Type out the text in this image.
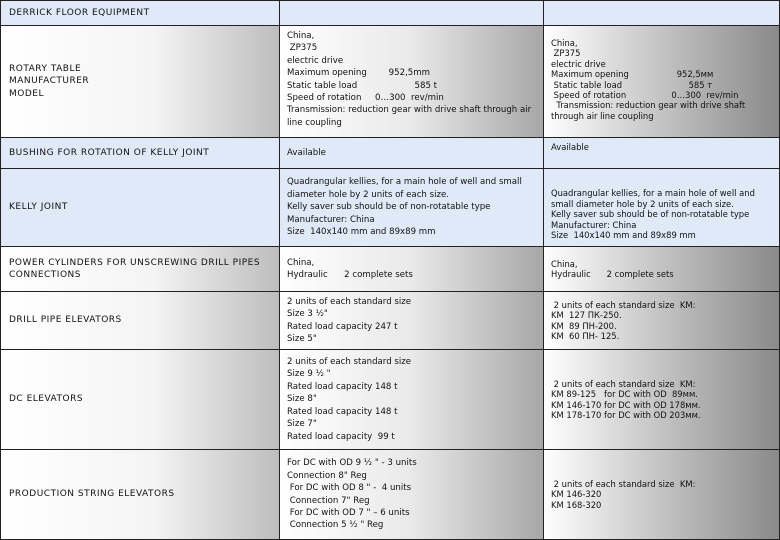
DERRICK FLOOR EQUIPMENT
ROTARY TABLE
MANUFACTURER
MODEL
China,
ZP375
electric drive
Maximum opening        952,5mm
Static table load                     585 t
Speed of rotation     0…300  rev/min
Transmission: reduction gear with drive shaft through air
line coupling
China,
ZP375
electric drive
Maximum opening                  952,5мм
Static table load                         585 т
Speed of rotation                 0…300  rev/min
Transmission: reduction gear with drive shaft
through air line coupling
BUSHING FOR ROTATION OF KELLY JOINT	Available
Available
KELLY JOINT
Quadrangular kellies, for a main hole of well and small
diameter hole by 2 units of each size.
Kelly saver sub should be of non-rotatable type
Manufacturer: China
Size  140x140 mm and 89x89 mm
Quadrangular kellies, for a main hole of well and
small diameter hole by 2 units of each size.
Kelly saver sub should be of non-rotatable type
Manufacturer: China
Size  140x140 mm and 89x89 mm
POWER CYLINDERS FOR UNSCREWING DRILL PIPES
CONNECTIONS
China,
Hydraulic      2 complete sets
China,
Hydraulic      2 complete sets
DRILL PIPE ELEVATORS
2 units of each standard size
Size 3 ½"
Rated load capacity 247 t
Size 5"
2 units of each standard size  KM:
KM  127 ПК-250.
KM  89 ПН-200.
KM  60 ПН- 125.
DC ELEVATORS
2 units of each standard size
Size 9 ½ "
Rated load capacity 148 t
Size 8"
Rated load capacity 148 t
Size 7"
Rated load capacity  99 t
2 units of each standard size  KM:
KM 89-125   for DC with OD  89мм.
KM 146-170 for DC with OD 178мм.
KM 178-170 for DC with OD 203мм.
PRODUCTION STRING ELEVATORS
For DC with OD 9 ½ " - 3 units
Connection 8" Reg
For DC with OD 8 " -  4 units
Connection 7" Reg
For DC with OD 7 " – 6 units
Connection 5 ½ " Reg
2 units of each standard size  KM:
KM 146-320
KM 168-320
